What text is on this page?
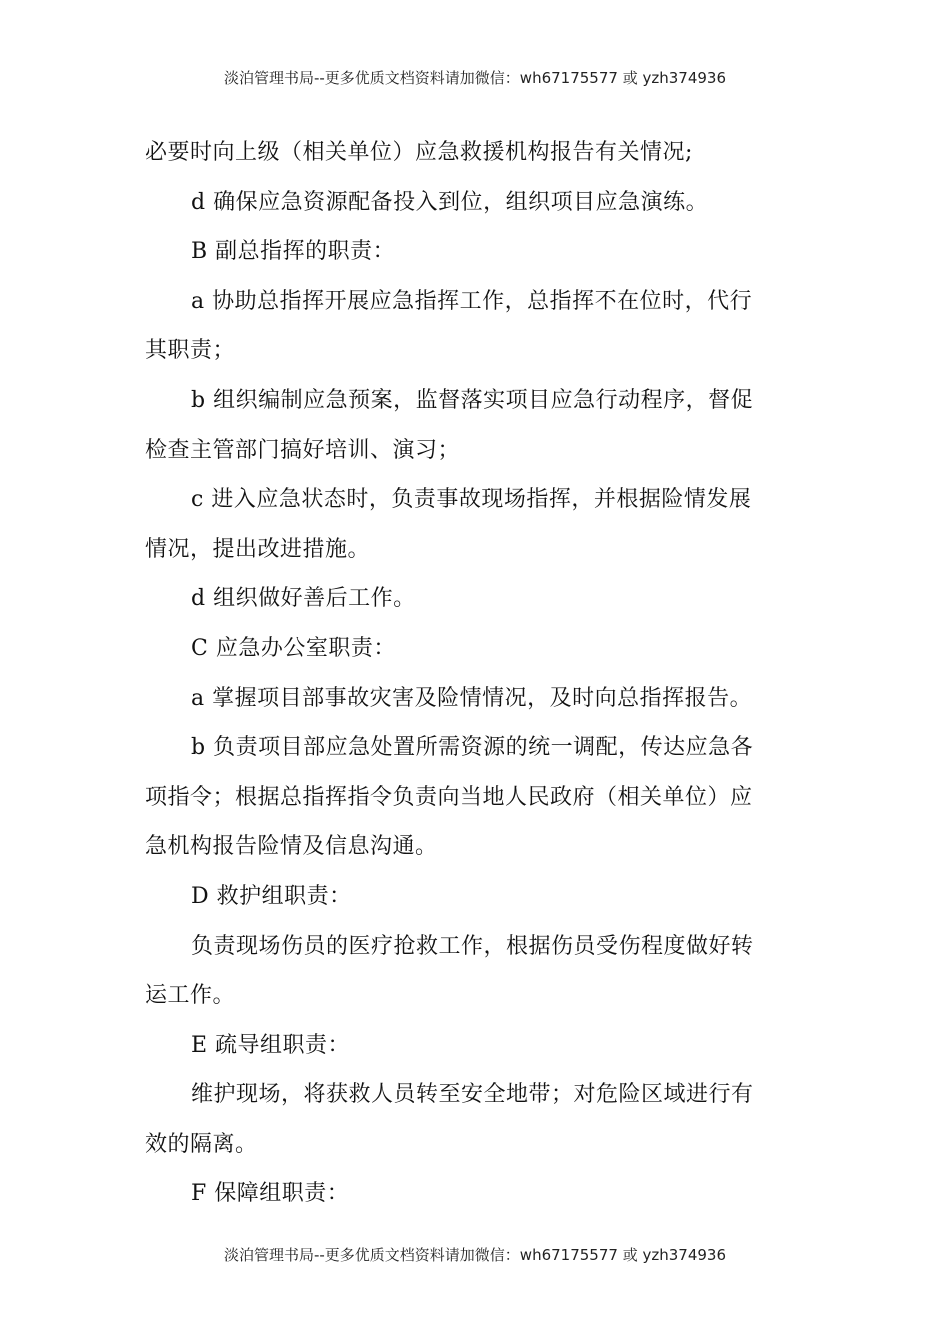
淡泊管理书局--更多优质文档资料请加微信：wh67175577 或 yzh374936
必要时向上级（相关单位）应急救援机构报告有关情况;
d 确保应急资源配备投入到位，组织项目应急演练。
B 副总指挥的职责：
a 协助总指挥开展应急指挥工作，总指挥不在位时，代行
其职责；
b 组织编制应急预案，监督落实项目应急行动程序，督促
检查主管部门搞好培训、演习；
c 进入应急状态时，负责事故现场指挥，并根据险情发展
情况，提出改进措施。
d 组织做好善后工作。
C 应急办公室职责：
a 掌握项目部事故灾害及险情情况，及时向总指挥报告。
b 负责项目部应急处置所需资源的统一调配，传达应急各
项指令；根据总指挥指令负责向当地人民政府（相关单位）应
急机构报告险情及信息沟通。
D 救护组职责：
负责现场伤员的医疗抢救工作，根据伤员受伤程度做好转
运工作。
E 疏导组职责：
维护现场，将获救人员转至安全地带；对危险区域进行有
效的隔离。
F 保障组职责：
淡泊管理书局--更多优质文档资料请加微信：wh67175577 或 yzh374936
